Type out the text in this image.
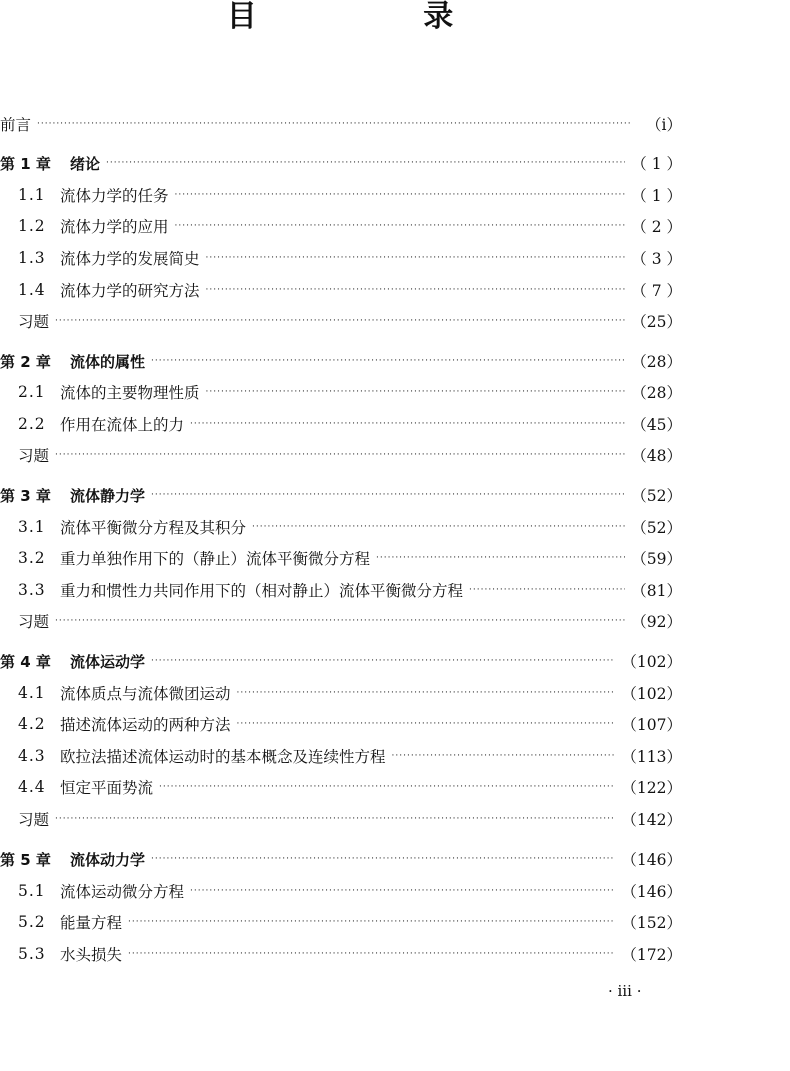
目 录
前言 ·····	（ⅰ）
第 1 章	绪论 ·····	（ 1 ）
1.1 流体力学的任务 ·····	（ 1 ）
1.2 流体力学的应用 ·····	（ 2 ）
1.3 流体力学的发展简史 ·····	（ 3 ）
1.4 流体力学的研究方法 ·····	（ 7 ）
习题 ·····	（25）
第 2 章	流体的属性 ·····	（28）
2.1 流体的主要物理性质 ·····	（28）
2.2 作用在流体上的力 ·····	（45）
习题 ·····	（48）
第 3 章	流体静力学 ·····	（52）
3.1 流体平衡微分方程及其积分 ·····	（52）
3.2 重力单独作用下的（静止）流体平衡微分方程 ·····	（59）
3.3 重力和惯性力共同作用下的（相对静止）流体平衡微分方程 ·····	（81）
习题 ·····	（92）
第 4 章	流体运动学 ·····	（102）
4.1 流体质点与流体微团运动 ·····	（102）
4.2 描述流体运动的两种方法 ·····	（107）
4.3 欧拉法描述流体运动时的基本概念及连续性方程 ·····	（113）
4.4 恒定平面势流 ·····	（122）
习题 ·····	（142）
第 5 章	流体动力学 ·····	（146）
5.1 流体运动微分方程 ·····	（146）
5.2 能量方程 ·····	（152）
5.3 水头损失 ·····	（172）
· ⅲ ·
